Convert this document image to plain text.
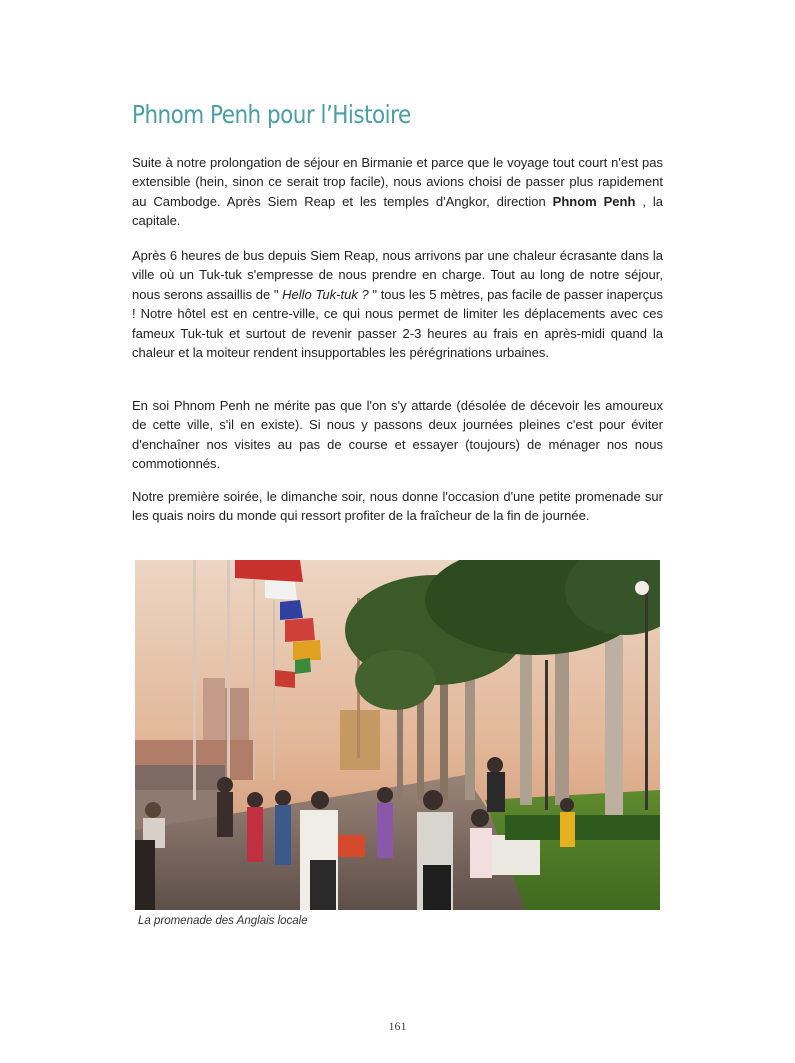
Phnom Penh pour l’Histoire

Suite à notre prolongation de séjour en Birmanie et parce que le voyage tout court n'est pas extensible (hein, sinon ce serait trop facile), nous avions choisi de passer plus rapidement au Cambodge. Après Siem Reap et les temples d'Angkor, direction Phnom Penh , la capitale.

Après 6 heures de bus depuis Siem Reap, nous arrivons par une chaleur écrasante dans la ville où un Tuk-tuk s'empresse de nous prendre en charge. Tout au long de notre séjour, nous serons assaillis de " Hello Tuk-tuk ? " tous les 5 mètres, pas facile de passer inaperçus ! Notre hôtel est en centre-ville, ce qui nous permet de limiter les déplacements avec ces fameux Tuk-tuk et surtout de revenir passer 2-3 heures au frais en après-midi quand la chaleur et la moiteur rendent insupportables les pérégrinations urbaines.

En soi Phnom Penh ne mérite pas que l'on s'y attarde (désolée de décevoir les amoureux de cette ville, s'il en existe). Si nous y passons deux journées pleines c'est pour éviter d'enchaîner nos visites au pas de course et essayer (toujours) de ménager nos nous commotionnés.

Notre première soirée, le dimanche soir, nous donne l'occasion d'une petite promenade sur les quais noirs du monde qui ressort profiter de la fraîcheur de la fin de journée.

La promenade des Anglais locale
161
